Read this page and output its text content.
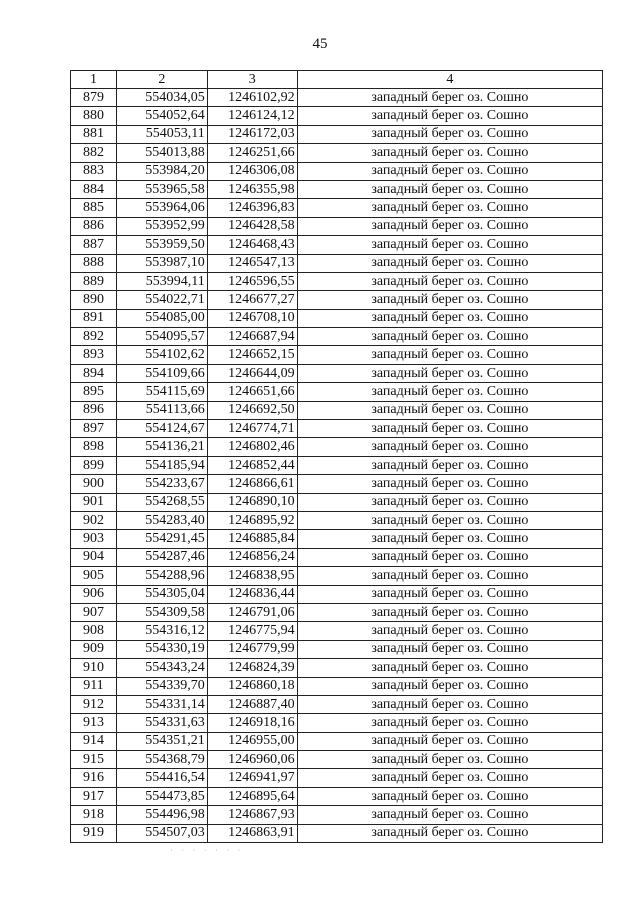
45
1	2	3	4
879	554034,05	1246102,92	западный берег оз. Сошно
880	554052,64	1246124,12	западный берег оз. Сошно
881	554053,11	1246172,03	западный берег оз. Сошно
882	554013,88	1246251,66	западный берег оз. Сошно
883	553984,20	1246306,08	западный берег оз. Сошно
884	553965,58	1246355,98	западный берег оз. Сошно
885	553964,06	1246396,83	западный берег оз. Сошно
886	553952,99	1246428,58	западный берег оз. Сошно
887	553959,50	1246468,43	западный берег оз. Сошно
888	553987,10	1246547,13	западный берег оз. Сошно
889	553994,11	1246596,55	западный берег оз. Сошно
890	554022,71	1246677,27	западный берег оз. Сошно
891	554085,00	1246708,10	западный берег оз. Сошно
892	554095,57	1246687,94	западный берег оз. Сошно
893	554102,62	1246652,15	западный берег оз. Сошно
894	554109,66	1246644,09	западный берег оз. Сошно
895	554115,69	1246651,66	западный берег оз. Сошно
896	554113,66	1246692,50	западный берег оз. Сошно
897	554124,67	1246774,71	западный берег оз. Сошно
898	554136,21	1246802,46	западный берег оз. Сошно
899	554185,94	1246852,44	западный берег оз. Сошно
900	554233,67	1246866,61	западный берег оз. Сошно
901	554268,55	1246890,10	западный берег оз. Сошно
902	554283,40	1246895,92	западный берег оз. Сошно
903	554291,45	1246885,84	западный берег оз. Сошно
904	554287,46	1246856,24	западный берег оз. Сошно
905	554288,96	1246838,95	западный берег оз. Сошно
906	554305,04	1246836,44	западный берег оз. Сошно
907	554309,58	1246791,06	западный берег оз. Сошно
908	554316,12	1246775,94	западный берег оз. Сошно
909	554330,19	1246779,99	западный берег оз. Сошно
910	554343,24	1246824,39	западный берег оз. Сошно
911	554339,70	1246860,18	западный берег оз. Сошно
912	554331,14	1246887,40	западный берег оз. Сошно
913	554331,63	1246918,16	западный берег оз. Сошно
914	554351,21	1246955,00	западный берег оз. Сошно
915	554368,79	1246960,06	западный берег оз. Сошно
916	554416,54	1246941,97	западный берег оз. Сошно
917	554473,85	1246895,64	западный берег оз. Сошно
918	554496,98	1246867,93	западный берег оз. Сошно
919	554507,03	1246863,91	западный берег оз. Сошно
· · · · · · ·
